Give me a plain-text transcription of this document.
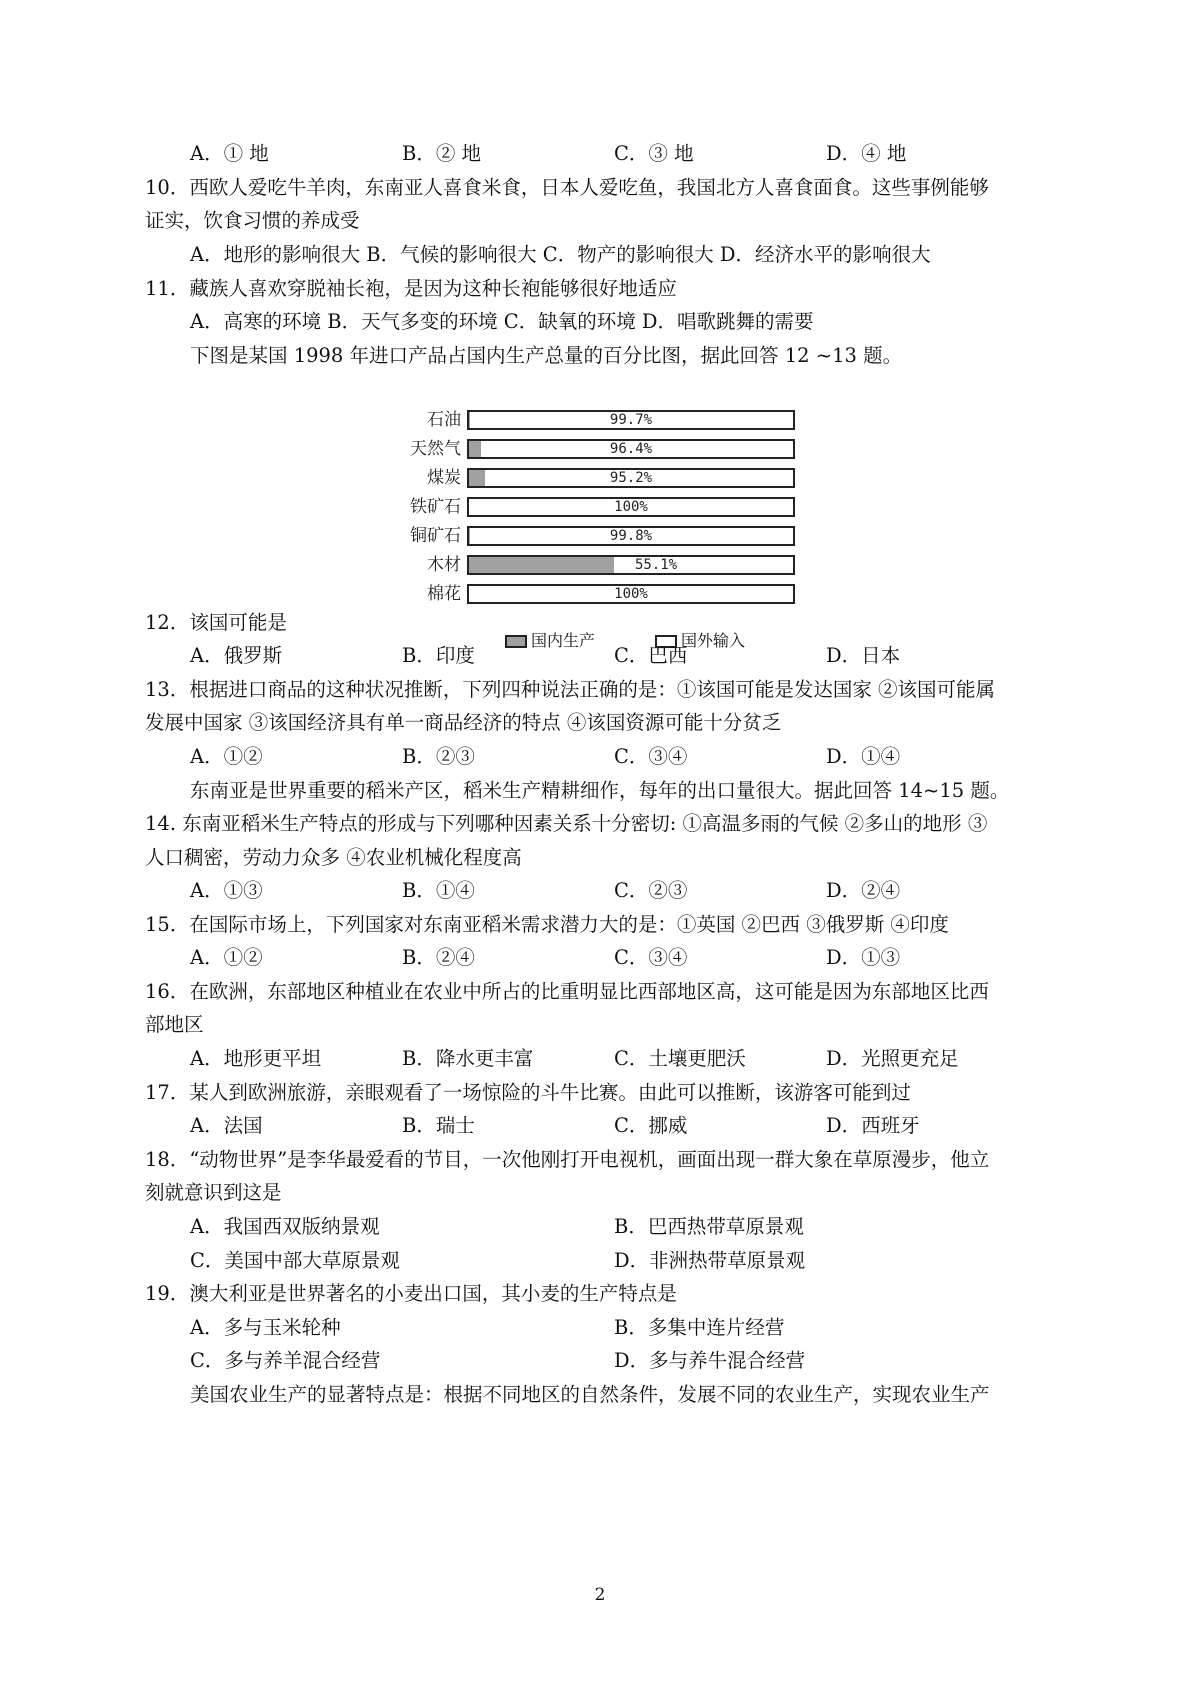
A．① 地	B．② 地	C．③ 地	D．④ 地
10．西欧人爱吃牛羊肉，东南亚人喜食米食，日本人爱吃鱼，我国北方人喜食面食。这些事例能够
证实，饮食习惯的养成受
A．地形的影响很大 B．气候的影响很大 C．物产的影响很大 D．经济水平的影响很大
11．藏族人喜欢穿脱袖长袍，是因为这种长袍能够很好地适应
A．高寒的环境 B．天气多变的环境 C．缺氧的环境 D．唱歌跳舞的需要
下图是某国 1998 年进口产品占国内生产总量的百分比图，据此回答 12 ~13 题。
石油	99.7%
天然气	96.4%
煤炭	95.2%
铁矿石	100%
铜矿石	99.8%
木材	55.1%
棉花	100%
国内生产	国外输入
12．该国可能是
A．俄罗斯	B．印度	C．巴西	D．日本
13．根据进口商品的这种状况推断，下列四种说法正确的是：①该国可能是发达国家 ②该国可能属
发展中国家 ③该国经济具有单一商品经济的特点 ④该国资源可能十分贫乏
A．①②	B．②③	C．③④	D．①④
东南亚是世界重要的稻米产区，稻米生产精耕细作，每年的出口量很大。据此回答 14~15 题。
14. 东南亚稻米生产特点的形成与下列哪种因素关系十分密切: ①高温多雨的气候 ②多山的地形 ③
人口稠密，劳动力众多 ④农业机械化程度高
A．①③	B．①④	C．②③	D．②④
15．在国际市场上，下列国家对东南亚稻米需求潜力大的是：①英国 ②巴西 ③俄罗斯 ④印度
A．①②	B．②④	C．③④	D．①③
16．在欧洲，东部地区种植业在农业中所占的比重明显比西部地区高，这可能是因为东部地区比西
部地区
A．地形更平坦	B．降水更丰富	C．土壤更肥沃	D．光照更充足
17．某人到欧洲旅游，亲眼观看了一场惊险的斗牛比赛。由此可以推断，该游客可能到过
A．法国	B．瑞士	C．挪威	D．西班牙
18．“动物世界”是李华最爱看的节目，一次他刚打开电视机，画面出现一群大象在草原漫步，他立
刻就意识到这是
A．我国西双版纳景观	B．巴西热带草原景观
C．美国中部大草原景观	D．非洲热带草原景观
19．澳大利亚是世界著名的小麦出口国，其小麦的生产特点是
A．多与玉米轮种	B．多集中连片经营
C．多与养羊混合经营	D．多与养牛混合经营
美国农业生产的显著特点是：根据不同地区的自然条件，发展不同的农业生产，实现农业生产
2
